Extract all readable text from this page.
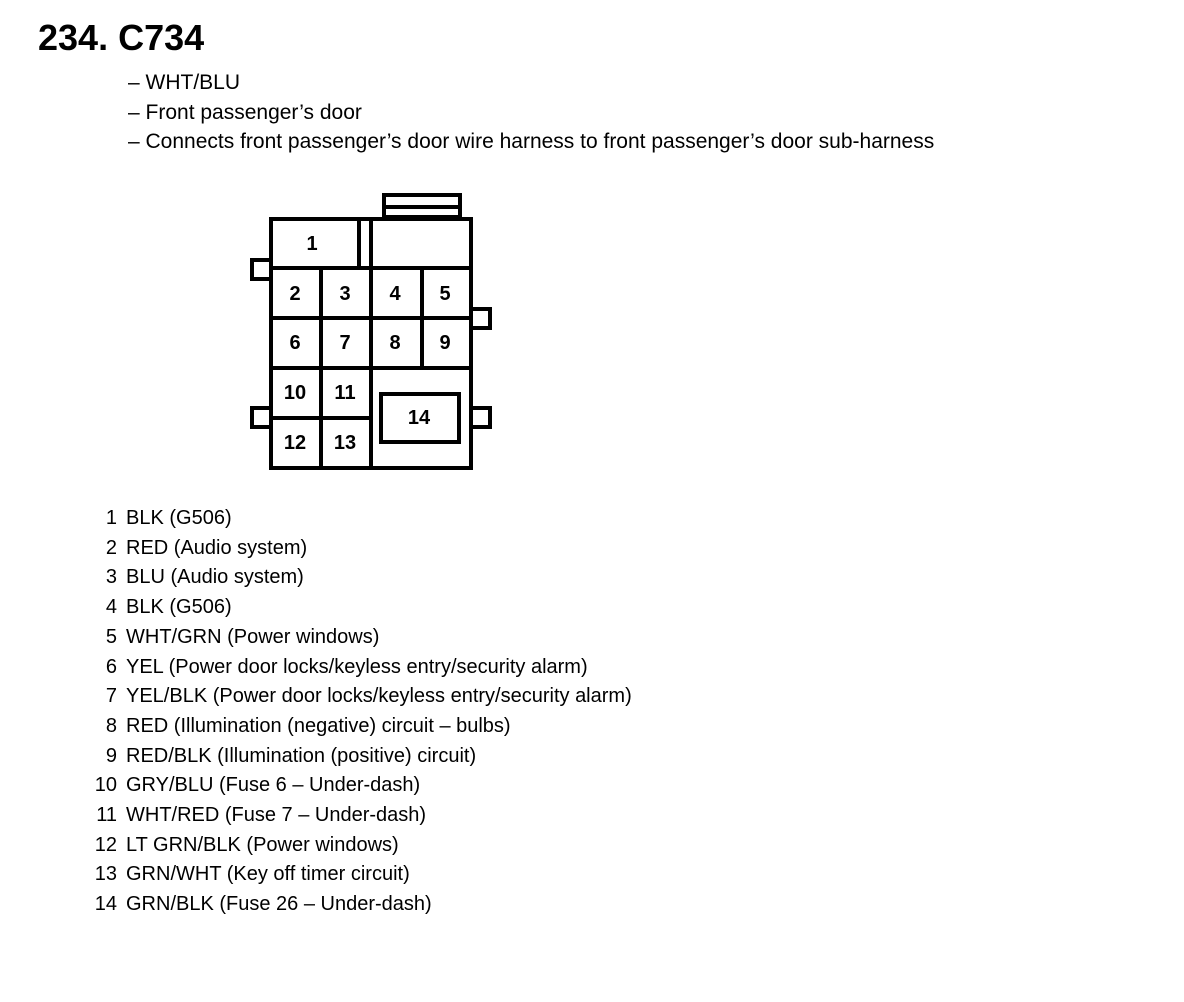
234. C734
– WHT/BLU
– Front passenger’s door
– Connects front passenger’s door wire harness to front passenger’s door sub-harness
1
2 3 4 5
6 7 8 9
10 11
12 13
14
1 BLK (G506)
2 RED (Audio system)
3 BLU (Audio system)
4 BLK (G506)
5 WHT/GRN (Power windows)
6 YEL (Power door locks/keyless entry/security alarm)
7 YEL/BLK (Power door locks/keyless entry/security alarm)
8 RED (Illumination (negative) circuit – bulbs)
9 RED/BLK (Illumination (positive) circuit)
10 GRY/BLU (Fuse 6 – Under-dash)
11 WHT/RED (Fuse 7 – Under-dash)
12 LT GRN/BLK (Power windows)
13 GRN/WHT (Key off timer circuit)
14 GRN/BLK (Fuse 26 – Under-dash)
